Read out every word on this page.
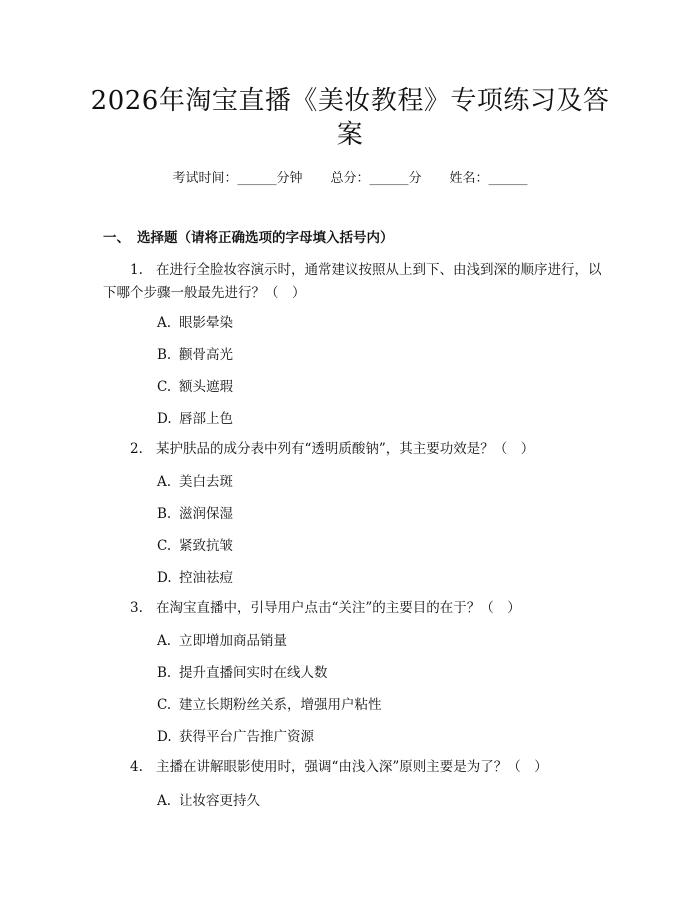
2026年淘宝直播《美妆教程》专项练习及答案
考试时间：______分钟 总分：______分 姓名：______
一、 选择题（请将正确选项的字母填入括号内）
1. 在进行全脸妆容演示时，通常建议按照从上到下、由浅到深的顺序进行，以下哪个步骤一般最先进行？（　）
A. 眼影晕染
B. 颧骨高光
C. 额头遮瑕
D. 唇部上色
2. 某护肤品的成分表中列有“透明质酸钠”，其主要功效是？（　）
A. 美白去斑
B. 滋润保湿
C. 紧致抗皱
D. 控油祛痘
3. 在淘宝直播中，引导用户点击“关注”的主要目的在于？（　）
A. 立即增加商品销量
B. 提升直播间实时在线人数
C. 建立长期粉丝关系，增强用户粘性
D. 获得平台广告推广资源
4. 主播在讲解眼影使用时，强调“由浅入深”原则主要是为了？（　）
A. 让妆容更持久
